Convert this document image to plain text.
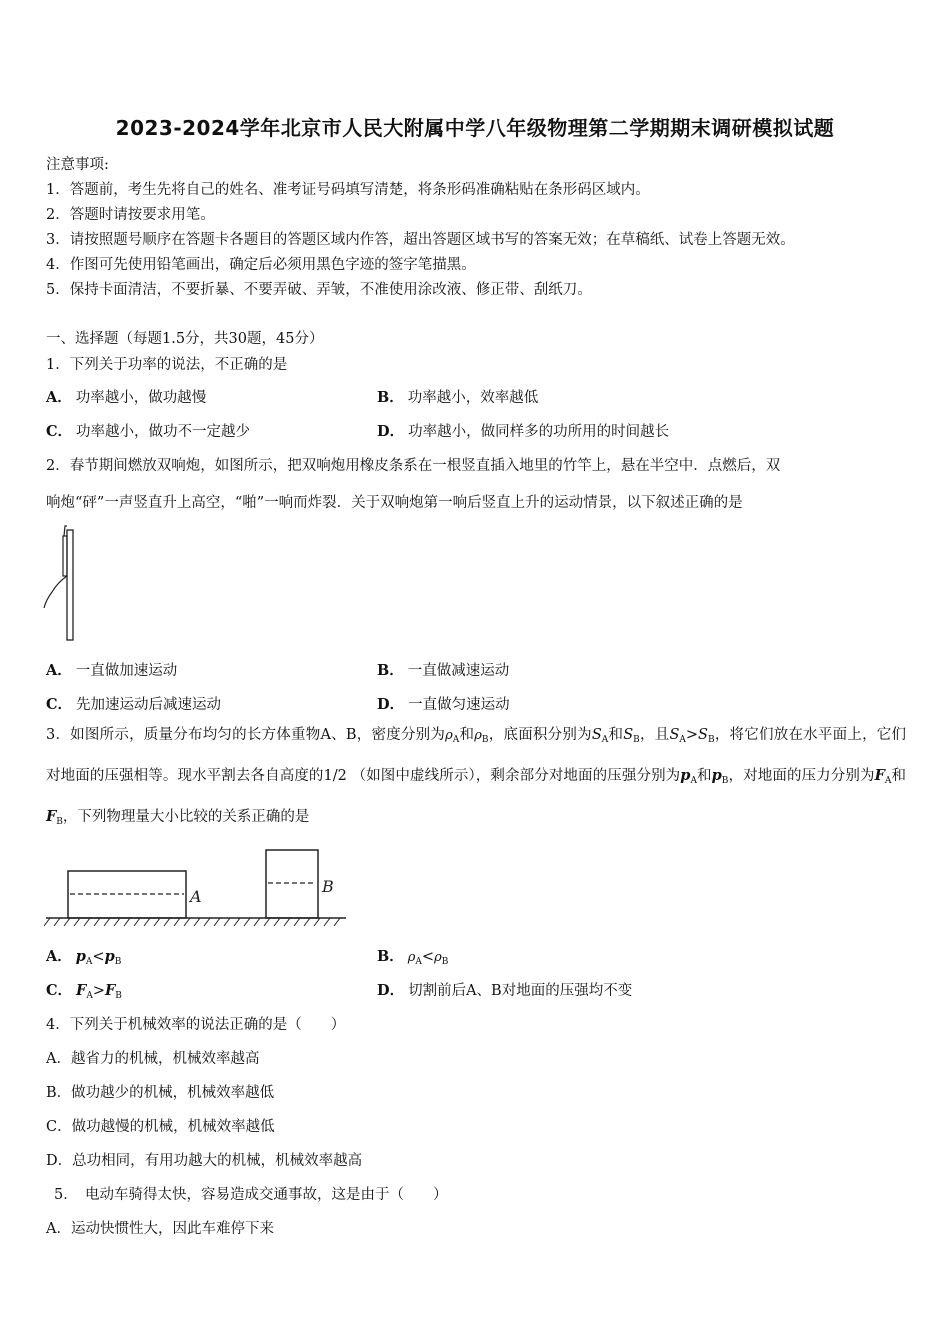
2023-2024学年北京市人民大附属中学八年级物理第二学期期末调研模拟试题
注意事项:
1．答题前，考生先将自己的姓名、准考证号码填写清楚，将条形码准确粘贴在条形码区域内。
2．答题时请按要求用笔。
3．请按照题号顺序在答题卡各题目的答题区域内作答，超出答题区域书写的答案无效；在草稿纸、试卷上答题无效。
4．作图可先使用铅笔画出，确定后必须用黑色字迹的签字笔描黑。
5．保持卡面清洁，不要折暴、不要弄破、弄皱，不准使用涂改液、修正带、刮纸刀。
一、选择题（每题1.5分，共30题，45分）
1．下列关于功率的说法，不正确的是
A． 功率越小，做功越慢	B． 功率越小，效率越低
C． 功率越小，做功不一定越少	D． 功率越小，做同样多的功所用的时间越长
2．春节期间燃放双响炮，如图所示，把双响炮用橡皮条系在一根竖直插入地里的竹竿上，悬在半空中．点燃后，双
响炮“砰”一声竖直升上高空，“啪”一响而炸裂．关于双响炮第一响后竖直上升的运动情景，以下叙述正确的是
A． 一直做加速运动	B． 一直做减速运动
C． 先加速运动后减速运动	D． 一直做匀速运动
3．如图所示，质量分布均匀的长方体重物A、B，密度分别为$\rho_A$和$\rho_B$，底面积分别为$S_A$和$S_B$，且$S_A>S_B$，将它们放在水平面上，它们对地面的压强相等。现水平割去各自高度的1/2 （如图中虚线所示），剩余部分对地面的压强分别为$p_A$和$p_B$，对地面的压力分别为$F_A$和$F_B$，下列物理量大小比较的关系正确的是
A
B
A． $p_A<p_B$	B． $\rho_A<\rho_B$
C． $F_A>F_B$	D． 切割前后A、B对地面的压强均不变
4．下列关于机械效率的说法正确的是（　　）
A．越省力的机械，机械效率越高
B．做功越少的机械，机械效率越低
C．做功越慢的机械，机械效率越低
D．总功相同，有用功越大的机械，机械效率越高
5．　电动车骑得太快，容易造成交通事故，这是由于（　　）
A．运动快惯性大，因此车难停下来
